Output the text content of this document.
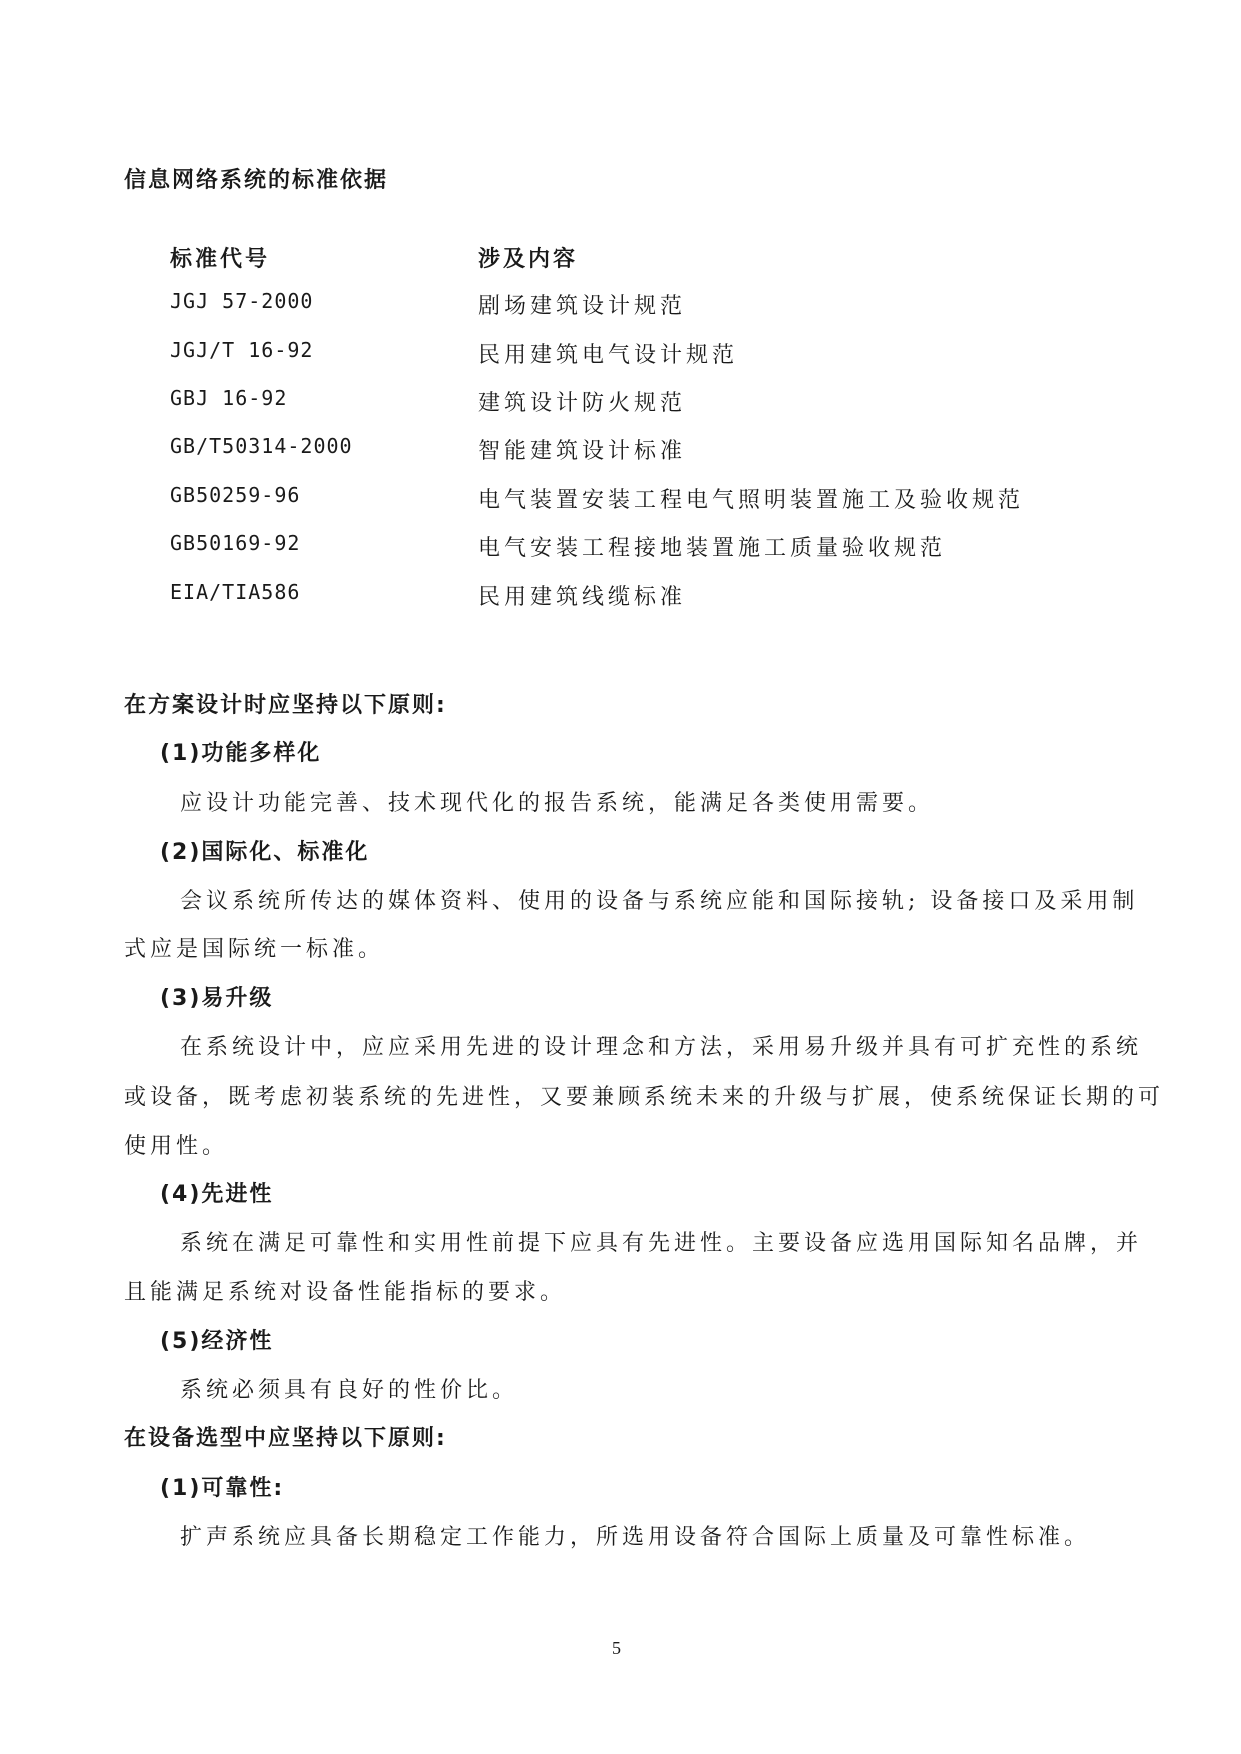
信息网络系统的标准依据
标准代号	涉及内容
JGJ 57-2000	剧场建筑设计规范
JGJ/T 16-92	民用建筑电气设计规范
GBJ 16-92	建筑设计防火规范
GB/T50314-2000	智能建筑设计标准
GB50259-96	电气装置安装工程电气照明装置施工及验收规范
GB50169-92	电气安装工程接地装置施工质量验收规范
EIA/TIA586	民用建筑线缆标准
在方案设计时应坚持以下原则:
(1)功能多样化
应设计功能完善、技术现代化的报告系统，能满足各类使用需要。
(2)国际化、标准化
会议系统所传达的媒体资料、使用的设备与系统应能和国际接轨; 设备接口及采用制
式应是国际统一标准。
(3)易升级
在系统设计中，应应采用先进的设计理念和方法，采用易升级并具有可扩充性的系统
或设备，既考虑初装系统的先进性，又要兼顾系统未来的升级与扩展，使系统保证长期的可
使用性。
(4)先进性
系统在满足可靠性和实用性前提下应具有先进性。主要设备应选用国际知名品牌，并
且能满足系统对设备性能指标的要求。
(5)经济性
系统必须具有良好的性价比。
在设备选型中应坚持以下原则:
(1)可靠性:
扩声系统应具备长期稳定工作能力，所选用设备符合国际上质量及可靠性标准。
5
